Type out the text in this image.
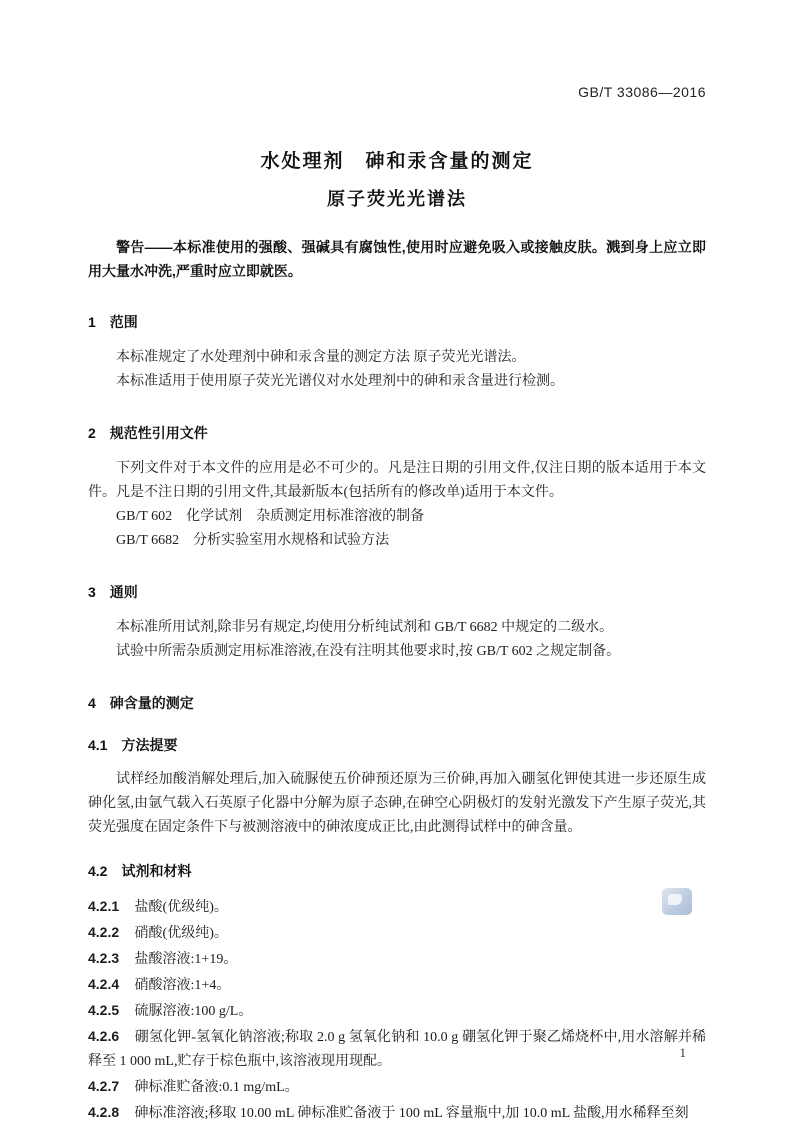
GB/T 33086—2016
水处理剂　砷和汞含量的测定
原子荧光光谱法

警告——本标准使用的强酸、强碱具有腐蚀性,使用时应避免吸入或接触皮肤。溅到身上应立即用大量水冲洗,严重时应立即就医。

1　范围

本标准规定了水处理剂中砷和汞含量的测定方法 原子荧光光谱法。

本标准适用于使用原子荧光光谱仪对水处理剂中的砷和汞含量进行检测。

2　规范性引用文件

下列文件对于本文件的应用是必不可少的。凡是注日期的引用文件,仅注日期的版本适用于本文件。凡是不注日期的引用文件,其最新版本(包括所有的修改单)适用于本文件。

GB/T 602　化学试剂　杂质测定用标准溶液的制备

GB/T 6682　分析实验室用水规格和试验方法

3　通则

本标准所用试剂,除非另有规定,均使用分析纯试剂和 GB/T 6682 中规定的二级水。

试验中所需杂质测定用标准溶液,在没有注明其他要求时,按 GB/T 602 之规定制备。

4　砷含量的测定
4.1　方法提要

试样经加酸消解处理后,加入硫脲使五价砷预还原为三价砷,再加入硼氢化钾使其进一步还原生成砷化氢,由氩气载入石英原子化器中分解为原子态砷,在砷空心阴极灯的发射光激发下产生原子荧光,其荧光强度在固定条件下与被测溶液中的砷浓度成正比,由此测得试样中的砷含量。

4.2　试剂和材料

4.2.1 盐酸(优级纯)。

4.2.2 硝酸(优级纯)。

4.2.3 盐酸溶液:1+19。

4.2.4 硝酸溶液:1+4。

4.2.5 硫脲溶液:100 g/L。

4.2.6 硼氢化钾-氢氧化钠溶液;称取 2.0 g 氢氧化钠和 10.0 g 硼氢化钾于聚乙烯烧杯中,用水溶解并稀释至 1 000 mL,贮存于棕色瓶中,该溶液现用现配。

4.2.7 砷标准贮备液:0.1 mg/mL。

4.2.8 砷标准溶液;移取 10.00 mL 砷标准贮备液于 100 mL 容量瓶中,加 10.0 mL 盐酸,用水稀释至刻

1
